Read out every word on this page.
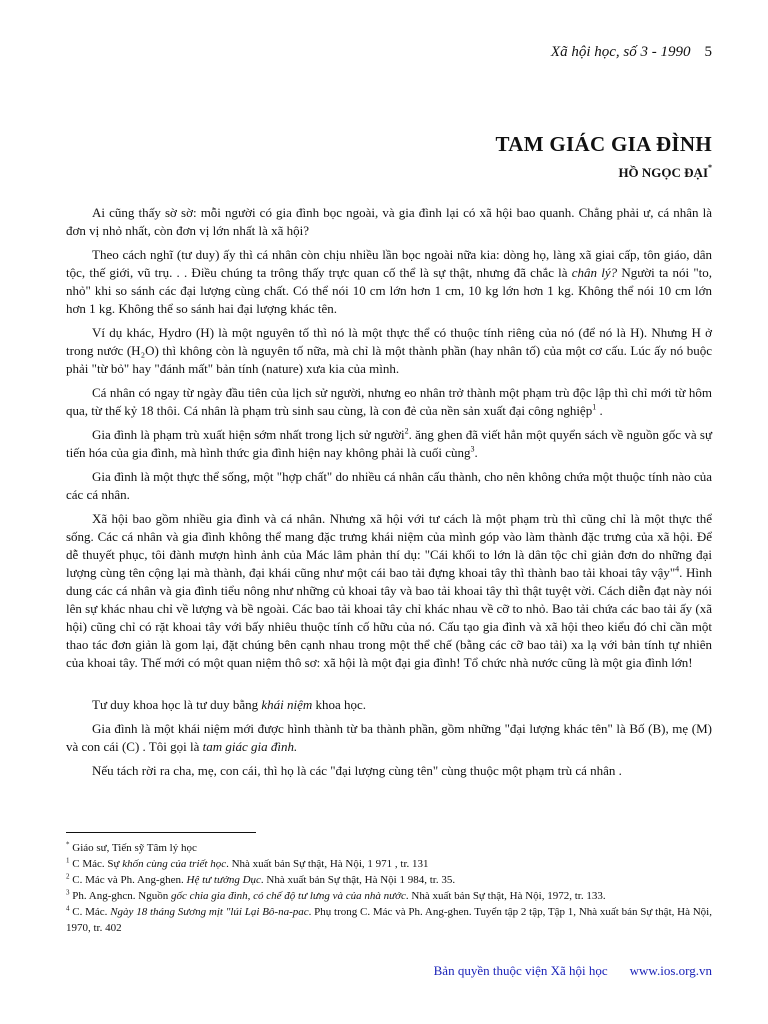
Xã hội học, số 3 - 1990 5
TAM GIÁC GIA ĐÌNH
HỒ NGỌC ĐẠI*

Ai cũng thấy sờ sờ: mỗi người có gia đình bọc ngoài, và gia đình lại có xã hội bao quanh. Chẳng phải ư, cá nhân là đơn vị nhỏ nhất, còn đơn vị lớn nhất là xã hội?

Theo cách nghĩ (tư duy) ấy thì cá nhân còn chịu nhiều lần bọc ngoài nữa kia: dòng họ, làng xã giai cấp, tôn giáo, dân tộc, thế giới, vũ trụ. . . Điều chúng ta trông thấy trực quan cố thể là sự thật, nhưng đã chắc là chân lý? Người ta nói "to, nhỏ" khi so sánh các đại lượng cùng chất. Có thể nói 10 cm lớn hơn 1 cm, 10 kg lớn hơn 1 kg. Không thể nói 10 cm lớn hơn 1 kg. Không thể so sánh hai đại lượng khác tên.

Ví dụ khác, Hydro (H) là một nguyên tố thì nó là một thực thể có thuộc tính riêng của nó (để nó là H). Nhưng H ở trong nước (H₂O) thì không còn là nguyên tố nữa, mà chỉ là một thành phần (hay nhân tố) của một cơ cấu. Lúc ấy nó buộc phải "từ bỏ" hay "đánh mất" bản tính (nature) xưa kia của mình.

Cá nhân có ngay từ ngày đầu tiên của lịch sử người, nhưng eo nhân trở thành một phạm trù độc lập thì chỉ mới từ hôm qua, từ thế kỷ 18 thôi. Cá nhân là phạm trù sinh sau cùng, là con đẻ của nền sản xuất đại công nghiệp$^1$ .

Gia đình là phạm trù xuất hiện sớm nhất trong lịch sử người$^2$. ăng ghen đã viết hẳn một quyển sách về nguồn gốc và sự tiến hóa của gia đình, mà hình thức gia đình hiện nay không phải là cuối cùng$^3$.

Gia đình là một thực thể sống, một "hợp chất" do nhiều cá nhân cấu thành, cho nên không chứa một thuộc tính nào của các cá nhân.

Xã hội bao gồm nhiều gia đình và cá nhân. Nhưng xã hội với tư cách là một phạm trù thì cũng chỉ là một thực thể sống. Các cá nhân và gia đình không thể mang đặc trưng khái niệm của mình góp vào làm thành đặc trưng của xã hội. Để dễ thuyết phục, tôi đành mượn hình ảnh của Mác lâm phản thí dụ: "Cái khối to lớn là dân tộc chỉ giản đơn do những đại lượng cùng tên cộng lại mà thành, đại khái cũng như một cái bao tải đựng khoai tây thì thành bao tải khoai tây vậy"$^4$. Hình dung các cá nhân và gia đình tiểu nông như những củ khoai tây và bao tải khoai tây thì thật tuyệt vời. Cách diễn đạt này nói lên sự khác nhau chỉ về lượng và bề ngoài. Các bao tải khoai tây chỉ khác nhau về cỡ to nhỏ. Bao tải chứa các bao tải ấy (xã hội) cũng chỉ có rặt khoai tây với bấy nhiêu thuộc tính cố hữu của nó. Cấu tạo gia đình và xã hội theo kiểu đó chỉ cần một thao tác đơn giản là gom lại, đặt chúng bên cạnh nhau trong một thể chế (bằng các cỡ bao tải) xa lạ với bản tính tự nhiên của khoai tây. Thế mới có một quan niệm thô sơ: xã hội là một đại gia đình! Tổ chức nhà nước cũng là một gia đình lớn!

Tư duy khoa học là tư duy bằng khái niệm khoa học.

Gia đình là một khái niệm mới được hình thành từ ba thành phần, gồm những "đại lượng khác tên" là Bố (B), mẹ (M) và con cái (C) . Tôi gọi là tam giác gia đình.

Nếu tách rời ra cha, mẹ, con cái, thì họ là các "đại lượng cùng tên" cùng thuộc một phạm trù cá nhân .

* Giáo sư, Tiến sỹ Tâm lý học

$^1$ C Mác. Sự khốn cùng của triết học. Nhà xuất bản Sự thật, Hà Nội, 1 971 , tr. 131

$^2$ C. Mác và Ph. Ang-ghen. Hệ tư tưởng Dục. Nhà xuất bản Sự thật, Hà Nội 1 984, tr. 35.

$^3$ Ph. Ang-ghcn. Nguồn gốc chia gia đình, có chế độ tư lưng và của nhà nước. Nhà xuất bản Sự thật, Hà Nội, 1972, tr. 133.

$^4$ C. Mác. Ngày 18 tháng Sương mịt "lúi Lại Bô-na-pac. Phụ trong C. Mác và Ph. Ang-ghen. Tuyển tập 2 tập, Tập 1, Nhà xuất bản Sự thật, Hà Nội, 1970, tr. 402

Bản quyền thuộc viện Xã hội học www.ios.org.vn
